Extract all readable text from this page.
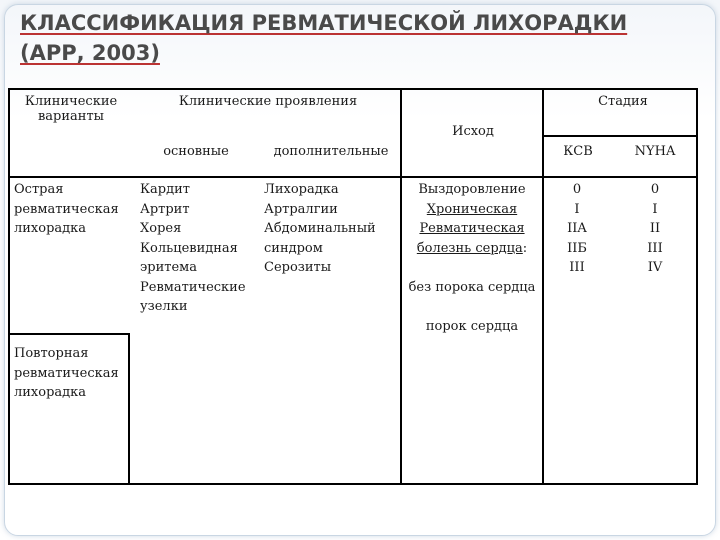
КЛАССИФИКАЦИЯ РЕВМАТИЧЕСКОЙ ЛИХОРАДКИ
(АРР, 2003)
Клинические варианты
Клинические проявления
основные	дополнительные
Исход
Стадия
КСВ	NYHA
Острая ревматическая лихорадка
Повторная ревматическая лихорадка
Кардит
Артрит
Хорея
Кольцевидная эритема
Ревматические узелки
Лихорадка
Артралгии
Абдоминальный синдром
Серозиты
Выздоровление
Хроническая
Ревматическая
болезнь сердца:
без порока сердца
порок сердца
0
I
IIA
IIБ
III
0
I
II
III
IV
